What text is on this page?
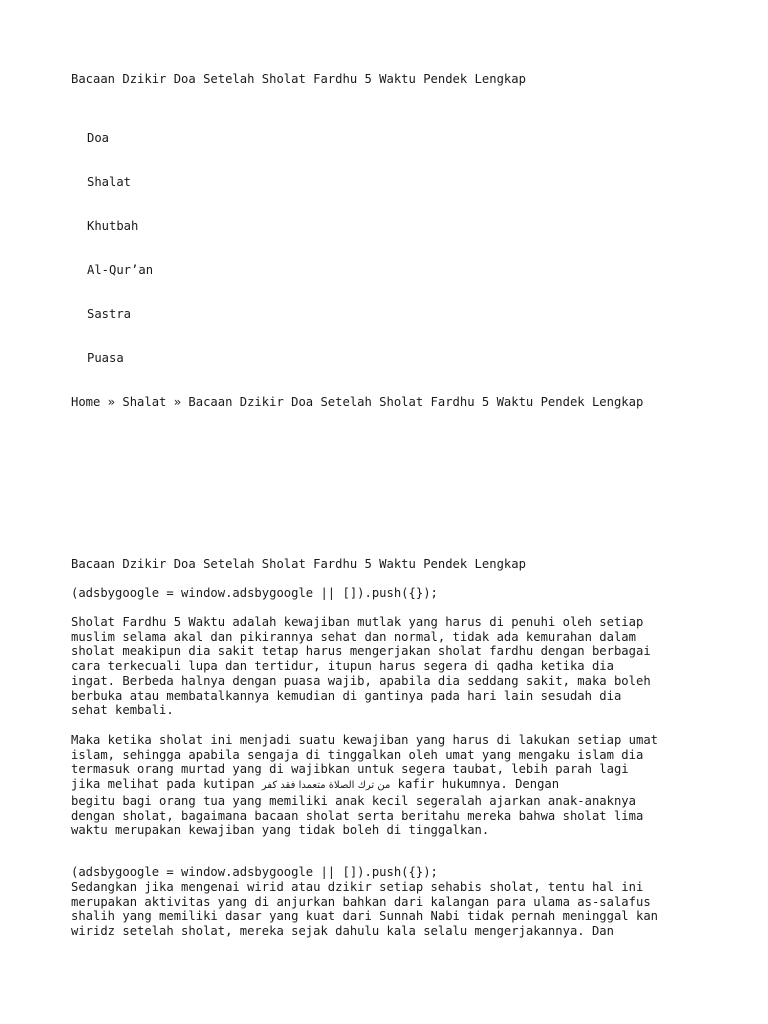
Bacaan Dzikir Doa Setelah Sholat Fardhu 5 Waktu Pendek Lengkap
Doa
Shalat
Khutbah
Al-Qur’an
Sastra
Puasa
Home » Shalat » Bacaan Dzikir Doa Setelah Sholat Fardhu 5 Waktu Pendek Lengkap
Bacaan Dzikir Doa Setelah Sholat Fardhu 5 Waktu Pendek Lengkap
(adsbygoogle = window.adsbygoogle || []).push({});
Sholat Fardhu 5 Waktu adalah kewajiban mutlak yang harus di penuhi oleh setiap
muslim selama akal dan pikirannya sehat dan normal, tidak ada kemurahan dalam
sholat meakipun dia sakit tetap harus mengerjakan sholat fardhu dengan berbagai
cara terkecuali lupa dan tertidur, itupun harus segera di qadha ketika dia
ingat. Berbeda halnya dengan puasa wajib, apabila dia seddang sakit, maka boleh
berbuka atau membatalkannya kemudian di gantinya pada hari lain sesudah dia
sehat kembali.
Maka ketika sholat ini menjadi suatu kewajiban yang harus di lakukan setiap umat
islam, sehingga apabila sengaja di tinggalkan oleh umat yang mengaku islam dia
termasuk orang murtad yang di wajibkan untuk segera taubat, lebih parah lagi
jika melihat pada kutipan من ترك الصلاة متعمدا فقد كفر kafir hukumnya. Dengan
begitu bagi orang tua yang memiliki anak kecil segeralah ajarkan anak-anaknya
dengan sholat, bagaimana bacaan sholat serta beritahu mereka bahwa sholat lima
waktu merupakan kewajiban yang tidak boleh di tinggalkan.
(adsbygoogle = window.adsbygoogle || []).push({});
Sedangkan jika mengenai wirid atau dzikir setiap sehabis sholat, tentu hal ini
merupakan aktivitas yang di anjurkan bahkan dari kalangan para ulama as-salafus
shalih yang memiliki dasar yang kuat dari Sunnah Nabi tidak pernah meninggal kan
wiridz setelah sholat, mereka sejak dahulu kala selalu mengerjakannya. Dan
